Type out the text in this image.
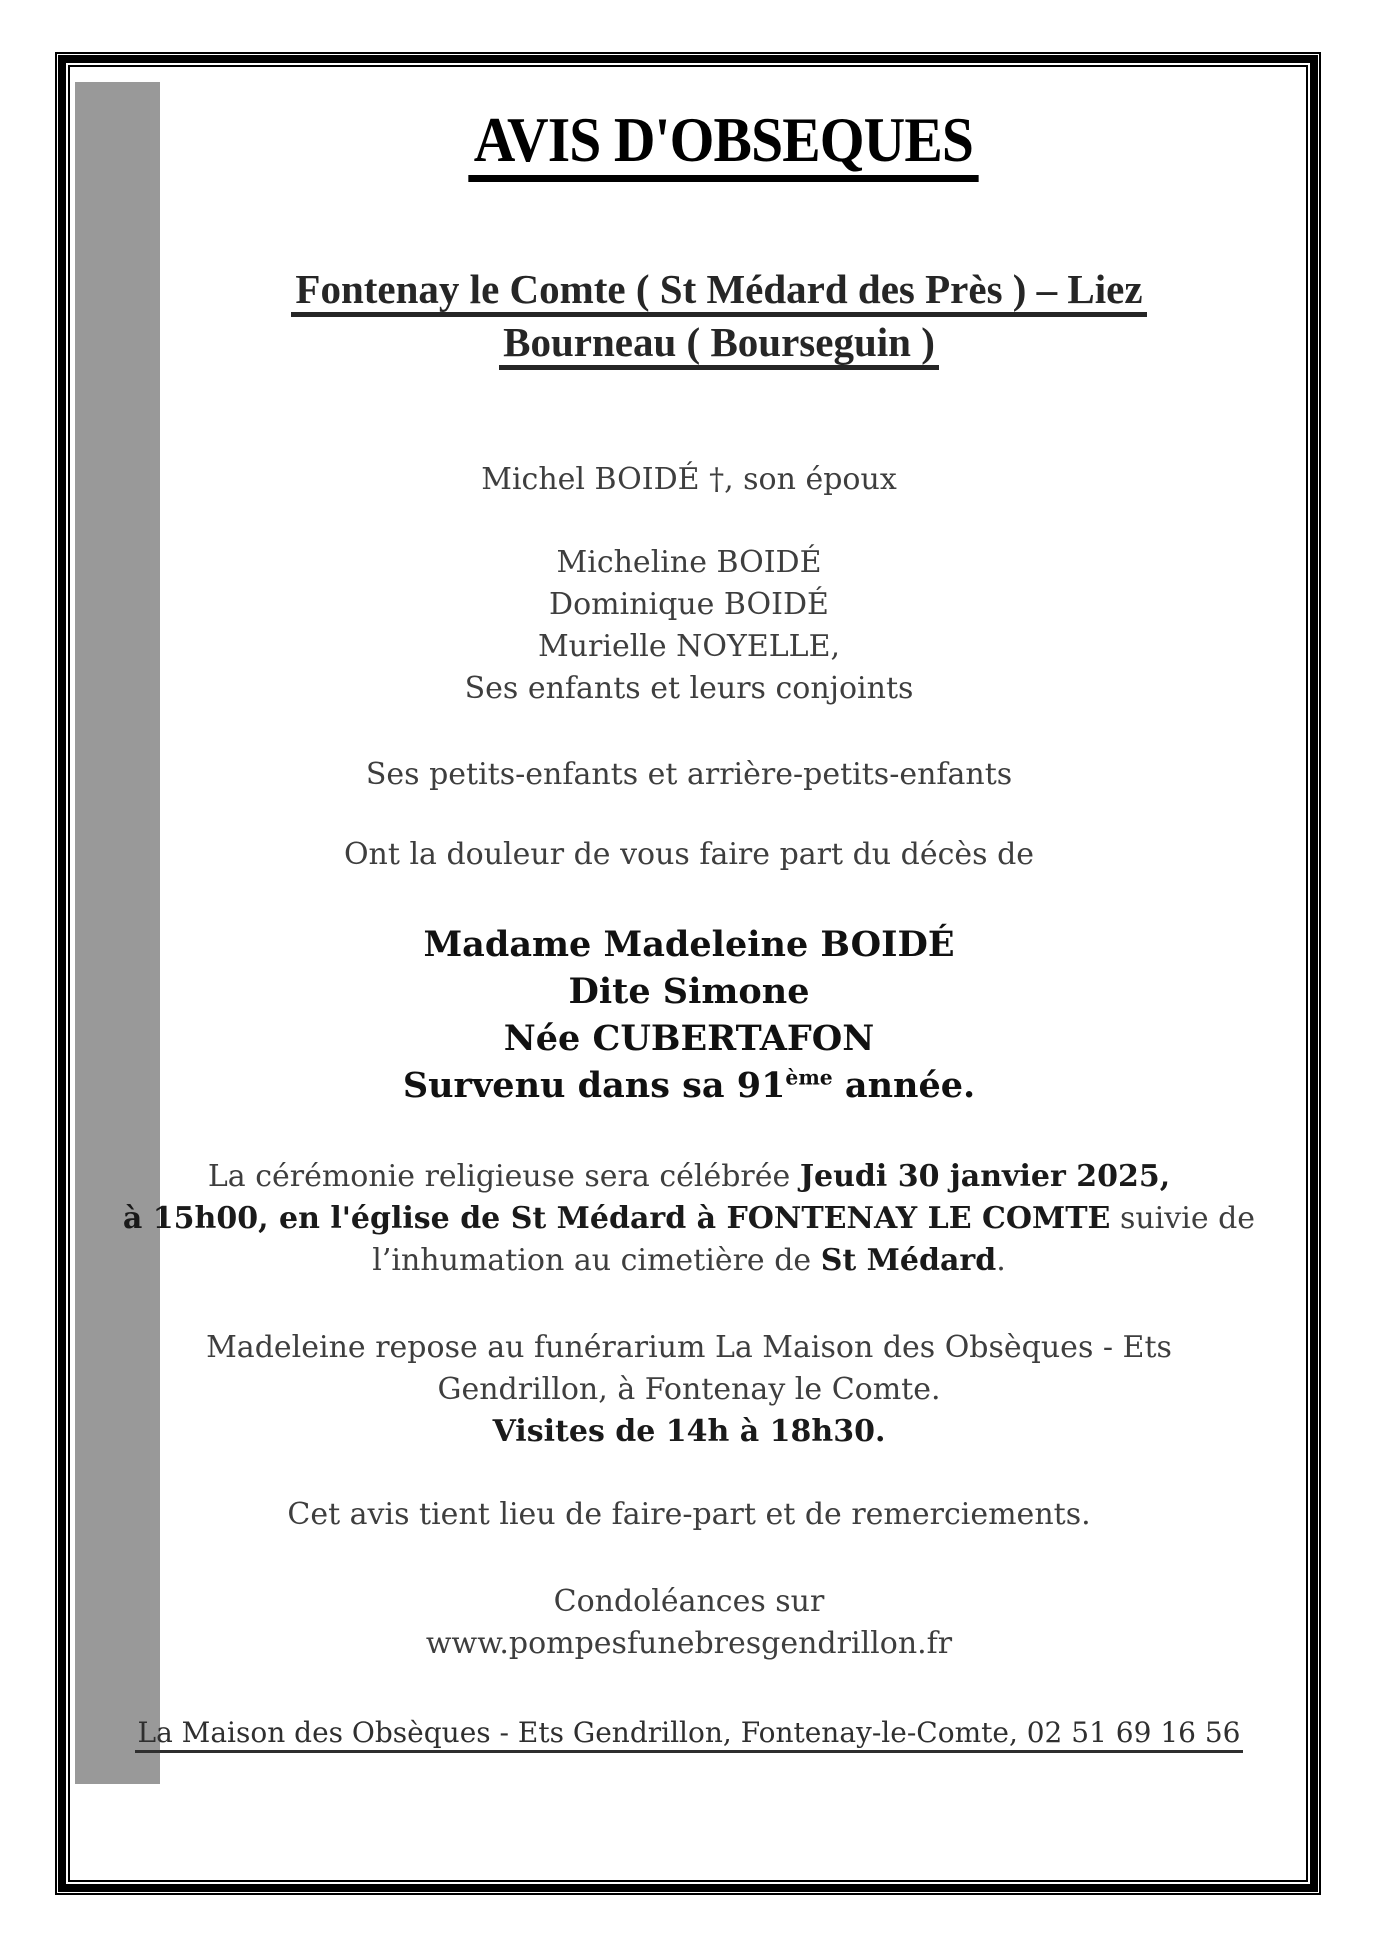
AVIS D'OBSEQUES
Fontenay le Comte ( St Médard des Près ) – Liez
Bourneau ( Bourseguin )
Michel BOIDÉ †, son époux
Micheline BOIDÉ
Dominique BOIDÉ
Murielle NOYELLE,
Ses enfants et leurs conjoints
Ses petits-enfants et arrière-petits-enfants
Ont la douleur de vous faire part du décès de
Madame Madeleine BOIDÉ
Dite Simone
Née CUBERTAFON
Survenu dans sa 91ème année.
La cérémonie religieuse sera célébrée Jeudi 30 janvier 2025,
à 15h00, en l'église de St Médard à FONTENAY LE COMTE suivie de
l’inhumation au cimetière de St Médard.
Madeleine repose au funérarium La Maison des Obsèques - Ets
Gendrillon, à Fontenay le Comte.
Visites de 14h à 18h30.
Cet avis tient lieu de faire-part et de remerciements.
Condoléances sur
www.pompesfunebresgendrillon.fr
La Maison des Obsèques - Ets Gendrillon, Fontenay-le-Comte, 02 51 69 16 56
